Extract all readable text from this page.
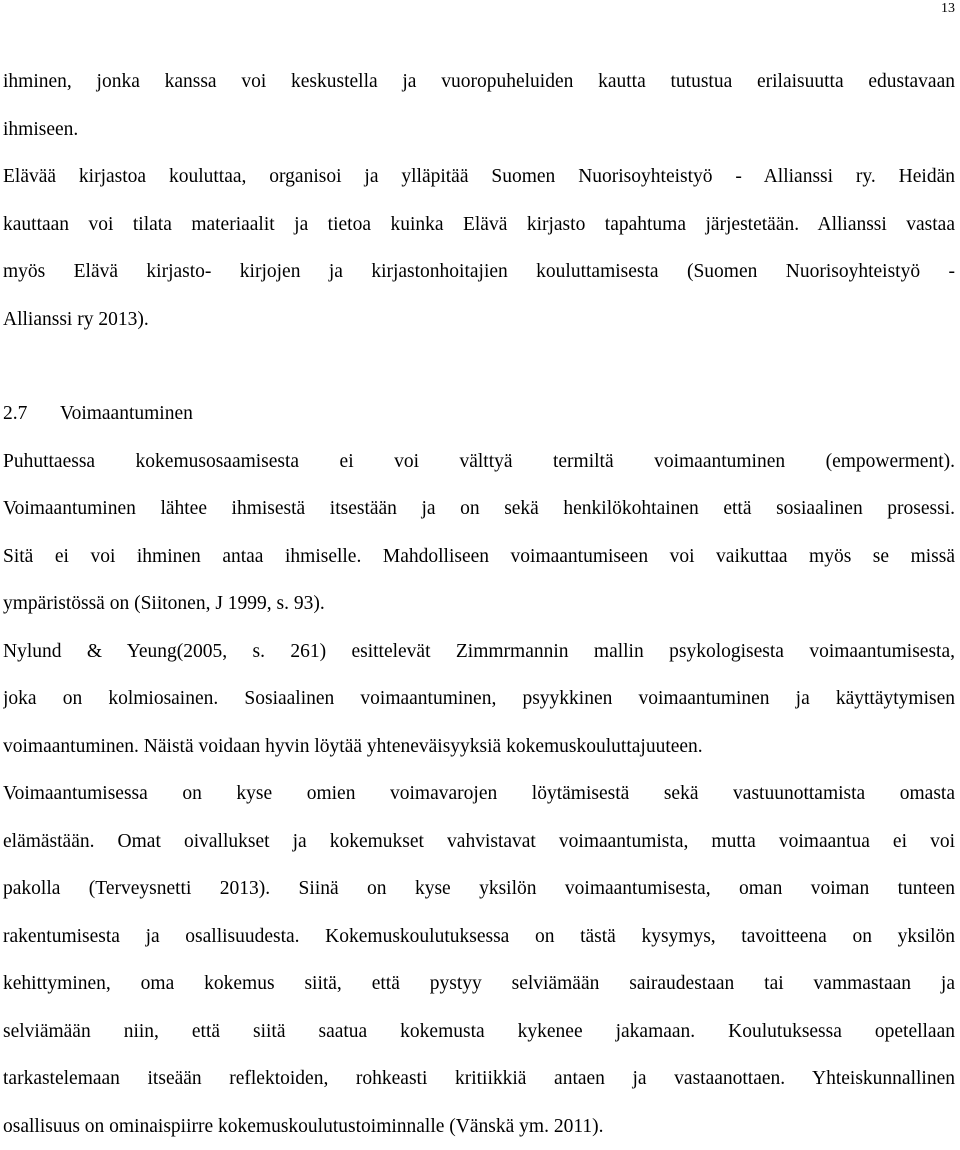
13
ihminen, jonka kanssa voi keskustella ja vuoropuheluiden kautta tutustua erilaisuutta edustavaan
ihmiseen.
Elävää kirjastoa kouluttaa, organisoi ja ylläpitää Suomen Nuorisoyhteistyö - Allianssi ry. Heidän
kauttaan voi tilata materiaalit ja tietoa kuinka Elävä kirjasto tapahtuma järjestetään. Allianssi vastaa
myös Elävä kirjasto- kirjojen ja kirjastonhoitajien kouluttamisesta (Suomen Nuorisoyhteistyö -
Allianssi ry 2013).
2.7 Voimaantuminen
Puhuttaessa kokemusosaamisesta ei voi välttyä termiltä voimaantuminen (empowerment).
Voimaantuminen lähtee ihmisestä itsestään ja on sekä henkilökohtainen että sosiaalinen prosessi.
Sitä ei voi ihminen antaa ihmiselle. Mahdolliseen voimaantumiseen voi vaikuttaa myös se missä
ympäristössä on (Siitonen, J 1999, s. 93).
Nylund & Yeung(2005, s. 261) esittelevät Zimmrmannin mallin psykologisesta voimaantumisesta,
joka on kolmiosainen. Sosiaalinen voimaantuminen, psyykkinen voimaantuminen ja käyttäytymisen
voimaantuminen. Näistä voidaan hyvin löytää yhteneväisyyksiä kokemuskouluttajuuteen.
Voimaantumisessa on kyse omien voimavarojen löytämisestä sekä vastuunottamista omasta
elämästään. Omat oivallukset ja kokemukset vahvistavat voimaantumista, mutta voimaantua ei voi
pakolla (Terveysnetti 2013). Siinä on kyse yksilön voimaantumisesta, oman voiman tunteen
rakentumisesta ja osallisuudesta. Kokemuskoulutuksessa on tästä kysymys, tavoitteena on yksilön
kehittyminen, oma kokemus siitä, että pystyy selviämään sairaudestaan tai vammastaan ja
selviämään niin, että siitä saatua kokemusta kykenee jakamaan. Koulutuksessa opetellaan
tarkastelemaan itseään reflektoiden, rohkeasti kritiikkiä antaen ja vastaanottaen. Yhteiskunnallinen
osallisuus on ominaispiirre kokemuskoulutustoiminnalle (Vänskä ym. 2011).
